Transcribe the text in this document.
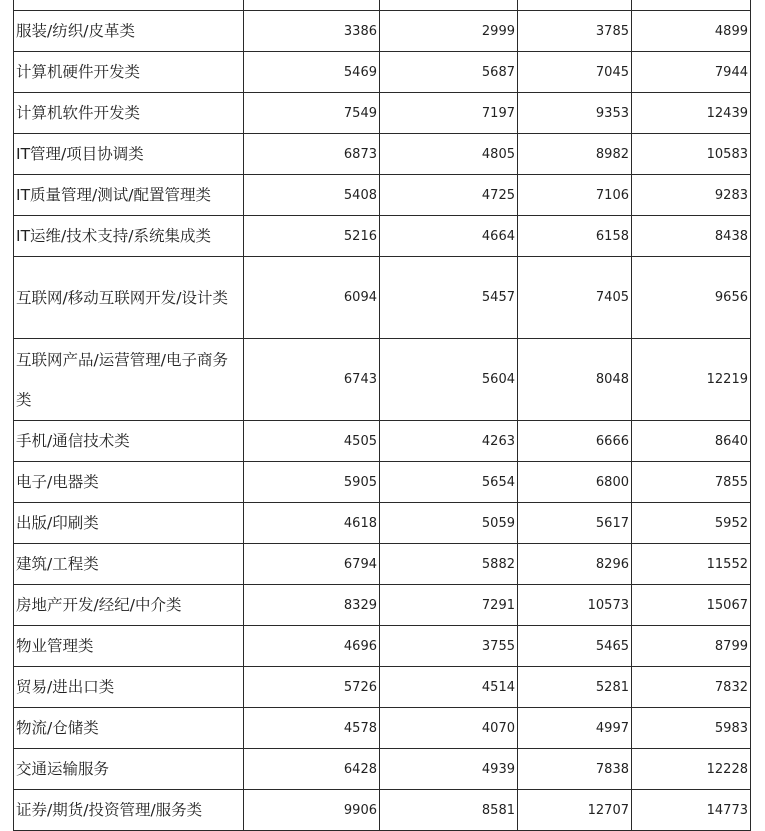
服装/纺织/皮革类	3386	2999	3785	4899
计算机硬件开发类	5469	5687	7045	7944
计算机软件开发类	7549	7197	9353	12439
IT管理/项目协调类	6873	4805	8982	10583
IT质量管理/测试/配置管理类	5408	4725	7106	9283
IT运维/技术支持/系统集成类	5216	4664	6158	8438
互联网/移动互联网开发/设计类	6094	5457	7405	9656
互联网产品/运营管理/电子商务类	6743	5604	8048	12219
手机/通信技术类	4505	4263	6666	8640
电子/电器类	5905	5654	6800	7855
出版/印刷类	4618	5059	5617	5952
建筑/工程类	6794	5882	8296	11552
房地产开发/经纪/中介类	8329	7291	10573	15067
物业管理类	4696	3755	5465	8799
贸易/进出口类	5726	4514	5281	7832
物流/仓储类	4578	4070	4997	5983
交通运输服务	6428	4939	7838	12228
证券/期货/投资管理/服务类	9906	8581	12707	14773
